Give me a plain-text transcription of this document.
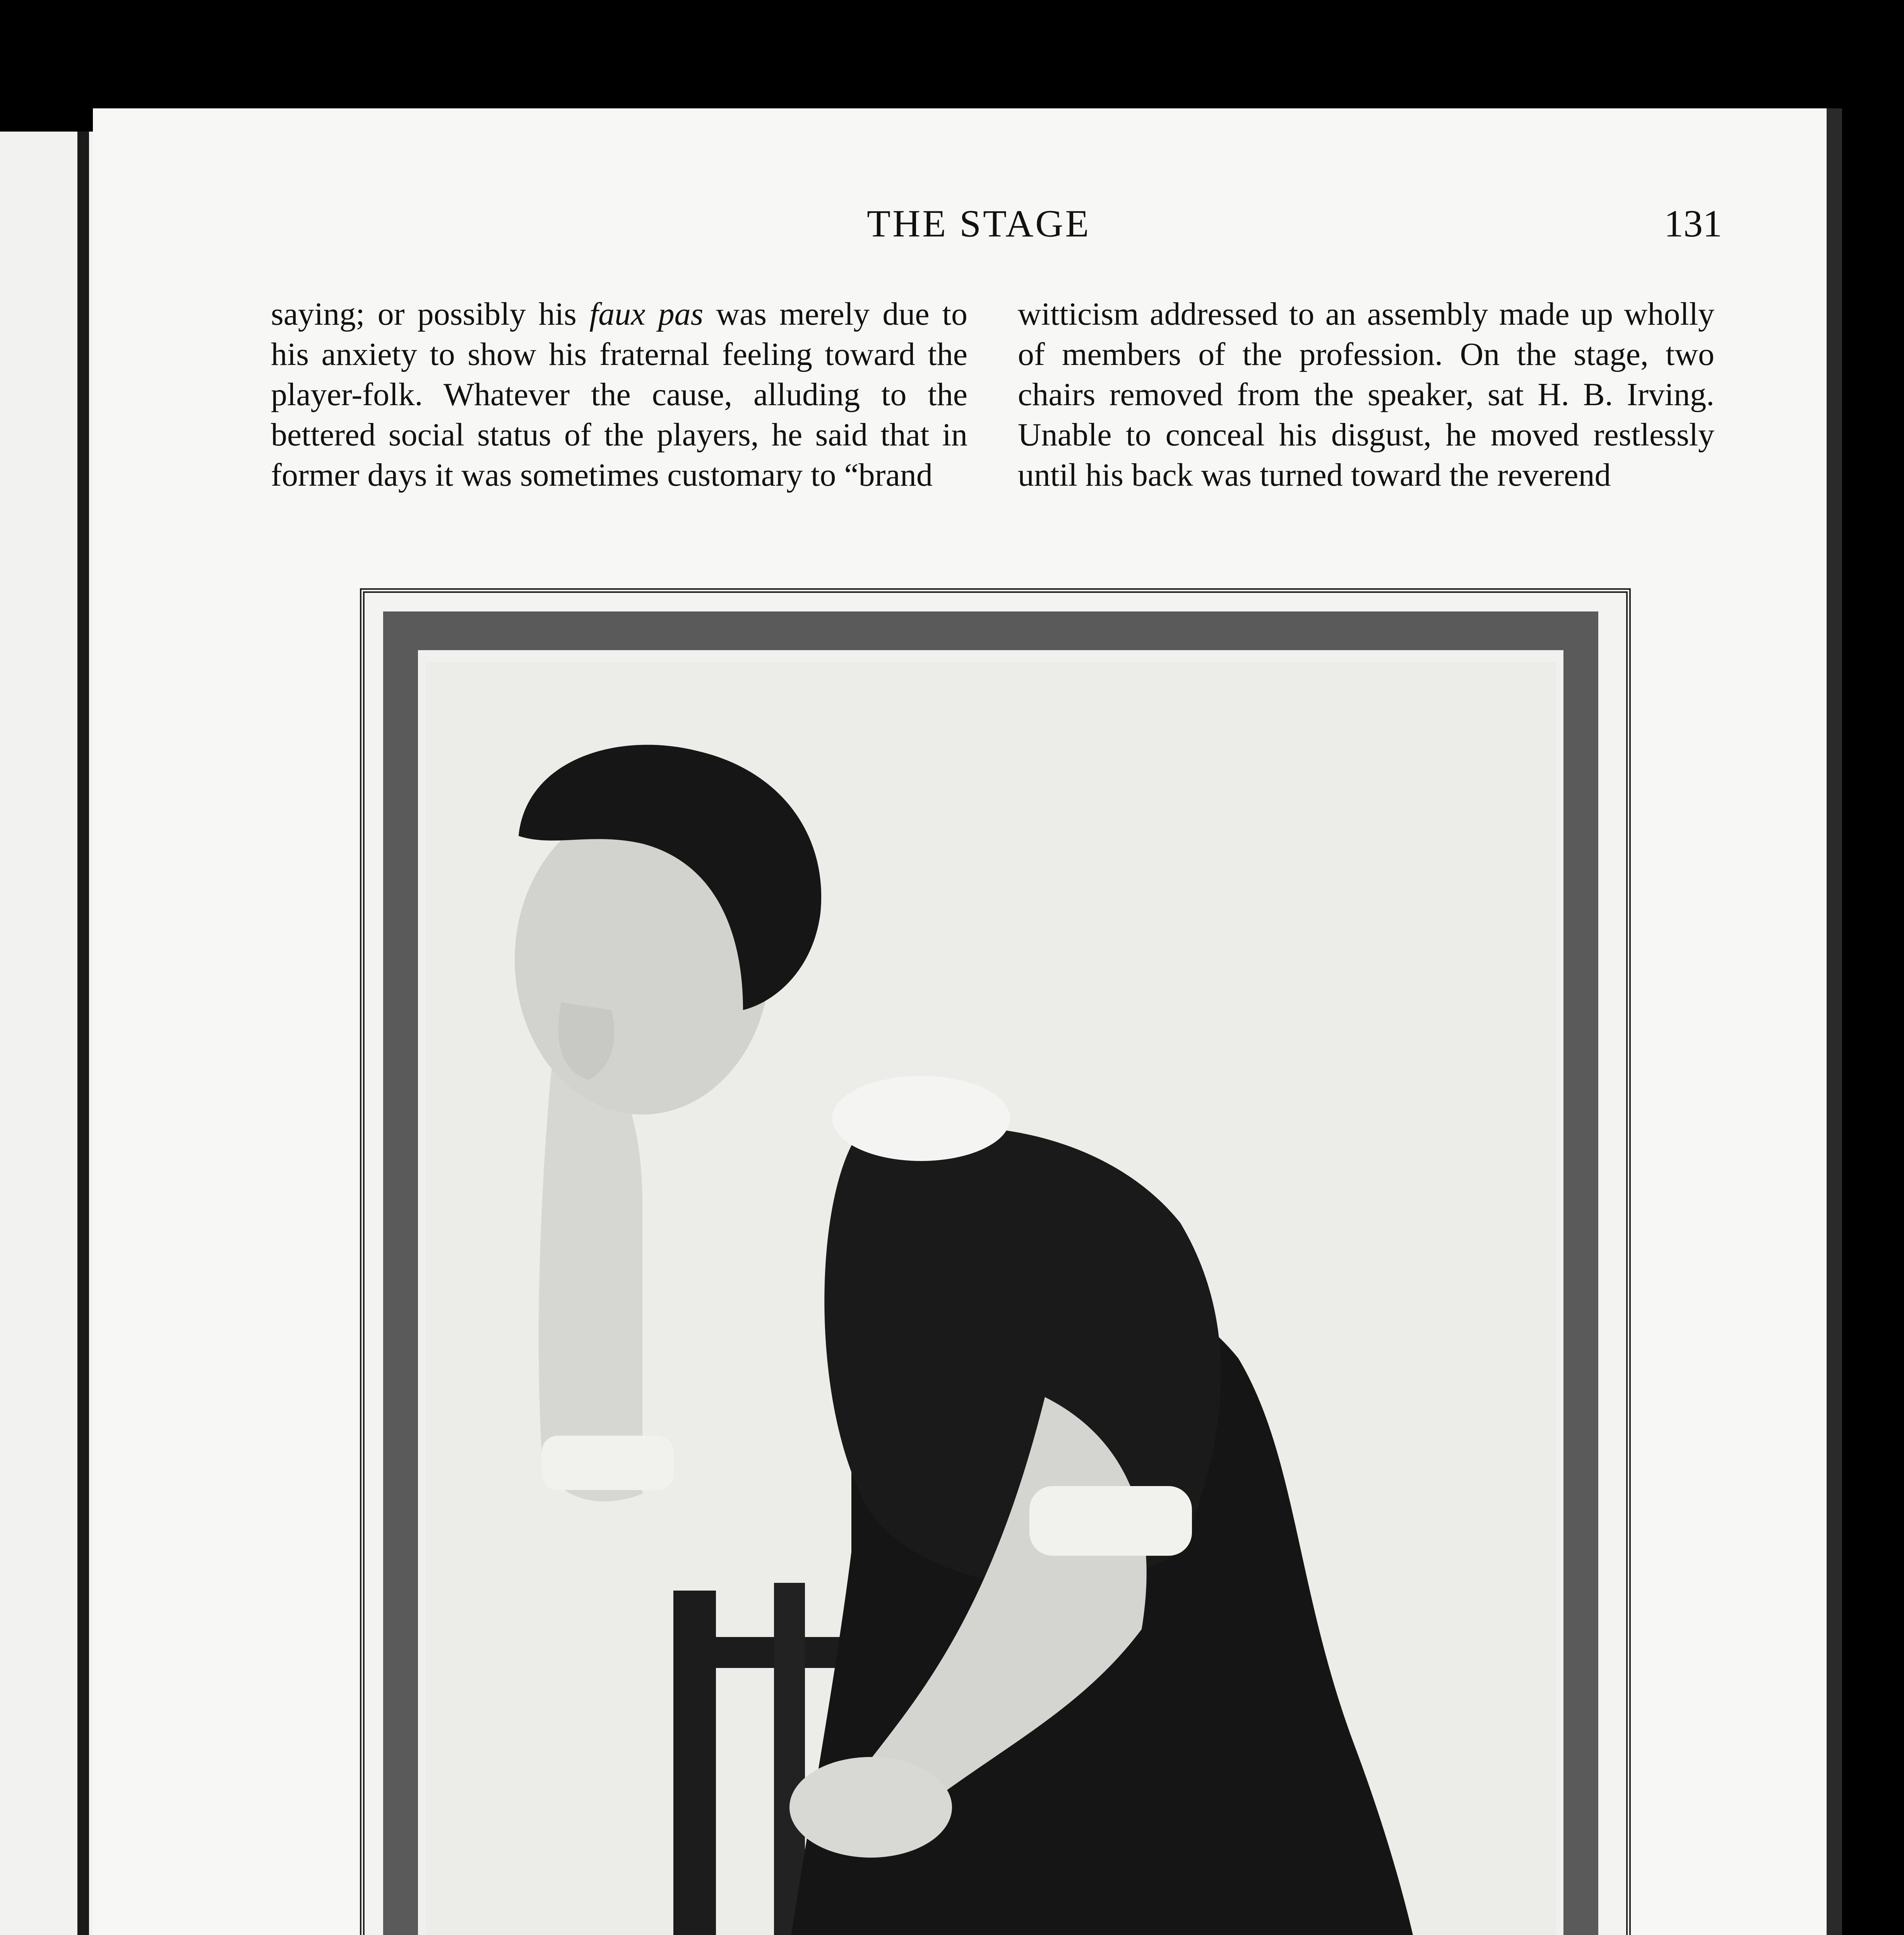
THE STAGE	131

saying; or possibly his faux pas was merely due to his anxiety to show his fraternal feeling toward the player-folk. Whatever the cause, alluding to the bettered social status of the players, he said that in former days it was sometimes customary to “brand

witticism addressed to an assembly made up wholly of members of the profession. On the stage, two chairs removed from the speaker, sat H. B. Irving. Unable to conceal his disgust, he moved restlessly until his back was turned toward the reverend
